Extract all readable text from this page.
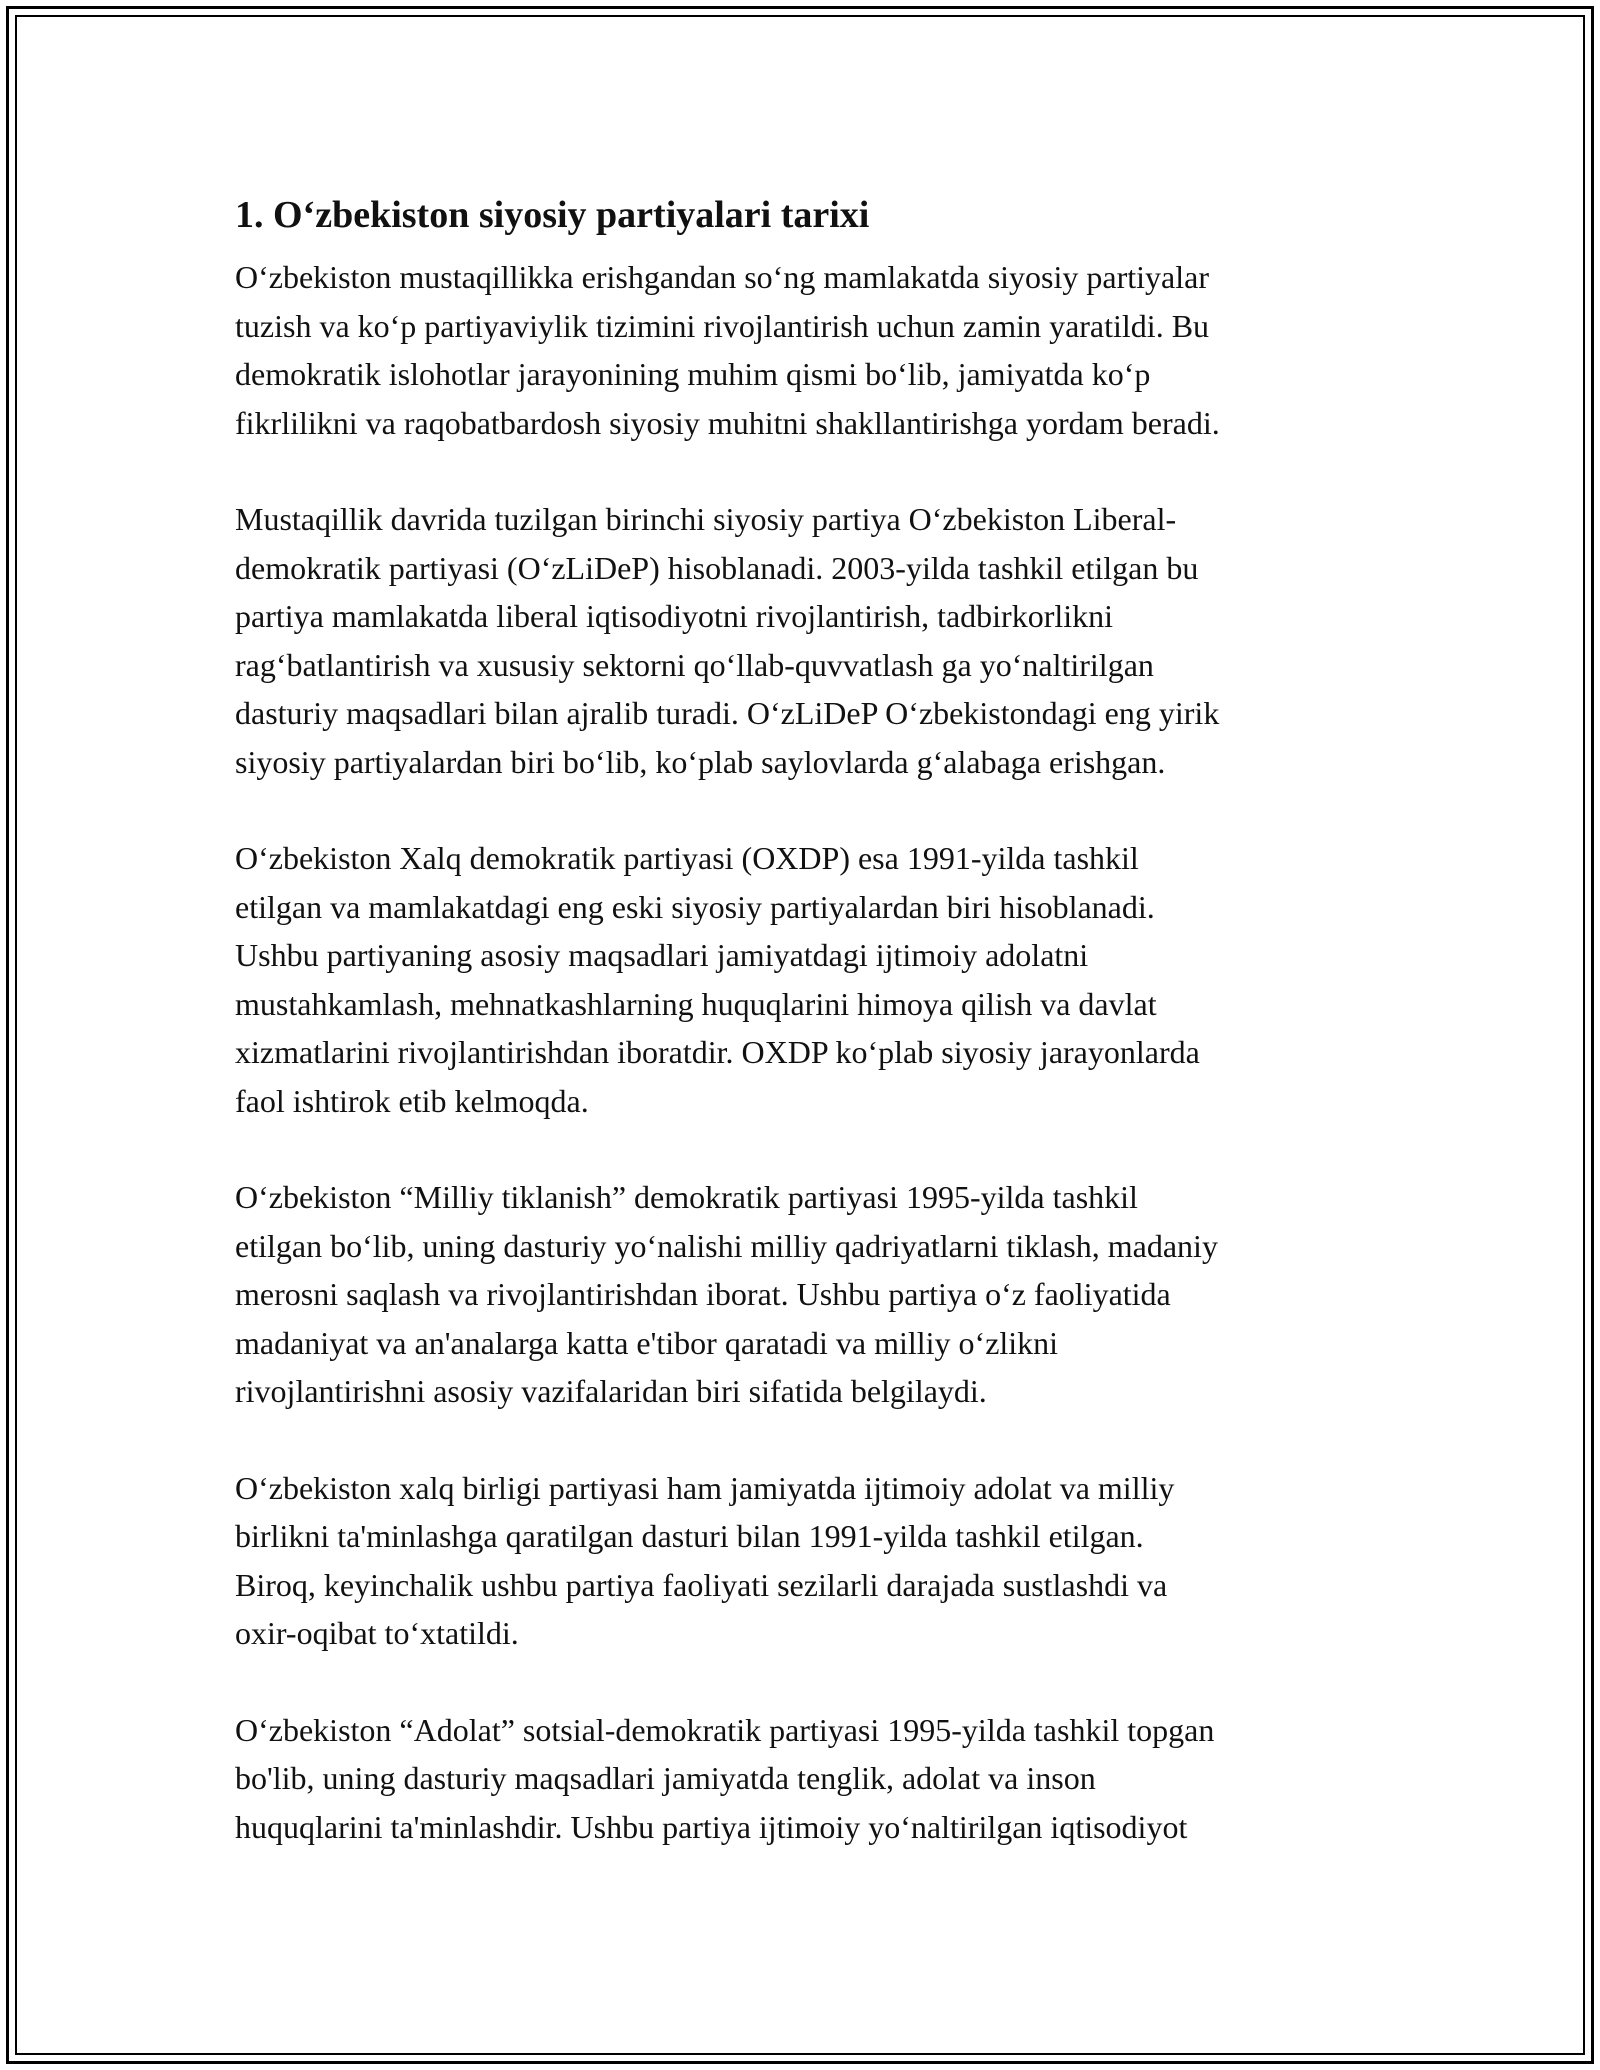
1. O‘zbekiston siyosiy partiyalari tarixi
O‘zbekiston mustaqillikka erishgandan so‘ng mamlakatda siyosiy partiyalar
tuzish va ko‘p partiyaviylik tizimini rivojlantirish uchun zamin yaratildi. Bu
demokratik islohotlar jarayonining muhim qismi bo‘lib, jamiyatda ko‘p
fikrlilikni va raqobatbardosh siyosiy muhitni shakllantirishga yordam beradi.
Mustaqillik davrida tuzilgan birinchi siyosiy partiya O‘zbekiston Liberal-
demokratik partiyasi (O‘zLiDeP) hisoblanadi. 2003-yilda tashkil etilgan bu
partiya mamlakatda liberal iqtisodiyotni rivojlantirish, tadbirkorlikni
rag‘batlantirish va xususiy sektorni qo‘llab-quvvatlash ga yo‘naltirilgan
dasturiy maqsadlari bilan ajralib turadi. O‘zLiDeP O‘zbekistondagi eng yirik
siyosiy partiyalardan biri bo‘lib, ko‘plab saylovlarda g‘alabaga erishgan.
O‘zbekiston Xalq demokratik partiyasi (OXDP) esa 1991-yilda tashkil
etilgan va mamlakatdagi eng eski siyosiy partiyalardan biri hisoblanadi.
Ushbu partiyaning asosiy maqsadlari jamiyatdagi ijtimoiy adolatni
mustahkamlash, mehnatkashlarning huquqlarini himoya qilish va davlat
xizmatlarini rivojlantirishdan iboratdir. OXDP ko‘plab siyosiy jarayonlarda
faol ishtirok etib kelmoqda.
O‘zbekiston “Milliy tiklanish” demokratik partiyasi 1995-yilda tashkil
etilgan bo‘lib, uning dasturiy yo‘nalishi milliy qadriyatlarni tiklash, madaniy
merosni saqlash va rivojlantirishdan iborat. Ushbu partiya o‘z faoliyatida
madaniyat va an'analarga katta e'tibor qaratadi va milliy o‘zlikni
rivojlantirishni asosiy vazifalaridan biri sifatida belgilaydi.
O‘zbekiston xalq birligi partiyasi ham jamiyatda ijtimoiy adolat va milliy
birlikni ta'minlashga qaratilgan dasturi bilan 1991-yilda tashkil etilgan.
Biroq, keyinchalik ushbu partiya faoliyati sezilarli darajada sustlashdi va
oxir-oqibat to‘xtatildi.
O‘zbekiston “Adolat” sotsial-demokratik partiyasi 1995-yilda tashkil topgan
bo'lib, uning dasturiy maqsadlari jamiyatda tenglik, adolat va inson
huquqlarini ta'minlashdir. Ushbu partiya ijtimoiy yo‘naltirilgan iqtisodiyot
